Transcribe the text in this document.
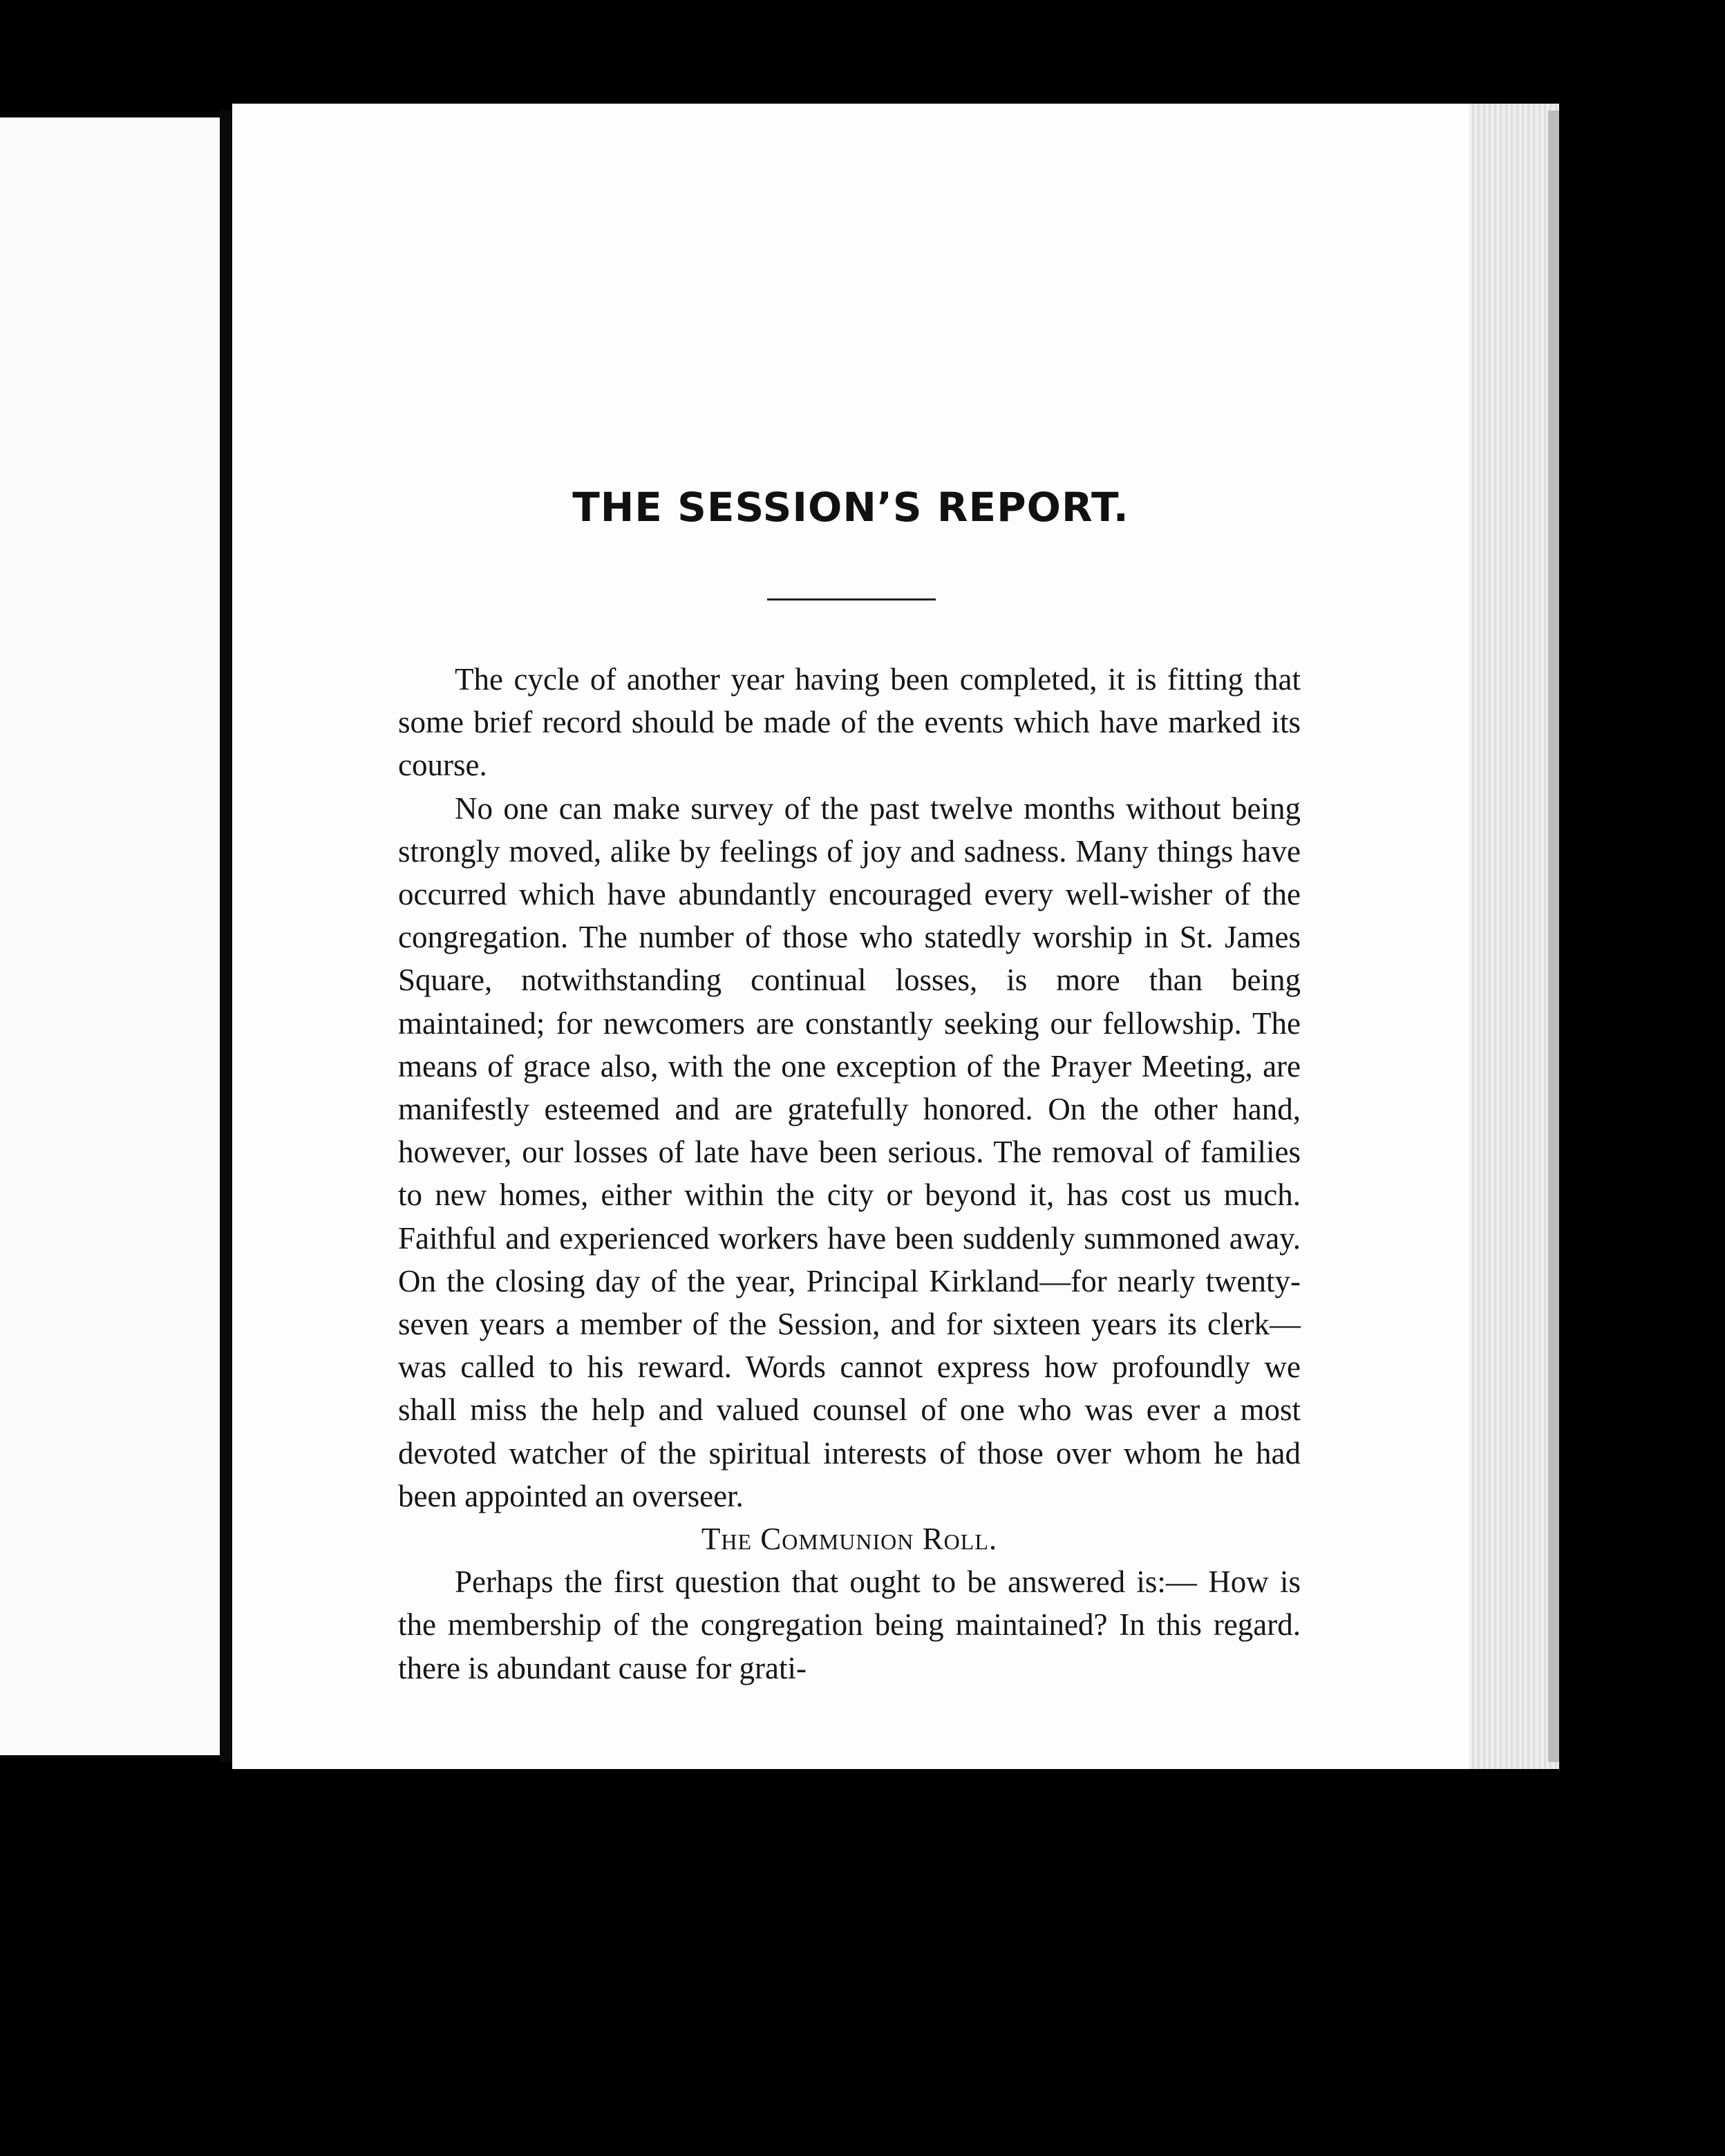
THE SESSION’S REPORT.

The cycle of another year having been completed, it is fitting that some brief record should be made of the events which have marked its course.

No one can make survey of the past twelve months without being strongly moved, alike by feelings of joy and sadness. Many things have occurred which have abundantly encouraged every well-wisher of the congregation. The number of those who statedly worship in St. James Square, notwithstanding continual losses, is more than being maintained; for newcomers are constantly seeking our fellowship. The means of grace also, with the one exception of the Prayer Meeting, are manifestly esteemed and are gratefully honored. On the other hand, however, our losses of late have been serious. The removal of families to new homes, either within the city or beyond it, has cost us much. Faithful and experienced workers have been suddenly summoned away. On the closing day of the year, Principal Kirkland—for nearly twenty-seven years a member of the Session, and for sixteen years its clerk—was called to his reward. Words cannot express how profoundly we shall miss the help and valued counsel of one who was ever a most devoted watcher of the spiritual interests of those over whom he had been appointed an overseer.

The Communion Roll.

Perhaps the first question that ought to be answered is:— How is the membership of the congregation being maintained? In this regard. there is abundant cause for grati-
